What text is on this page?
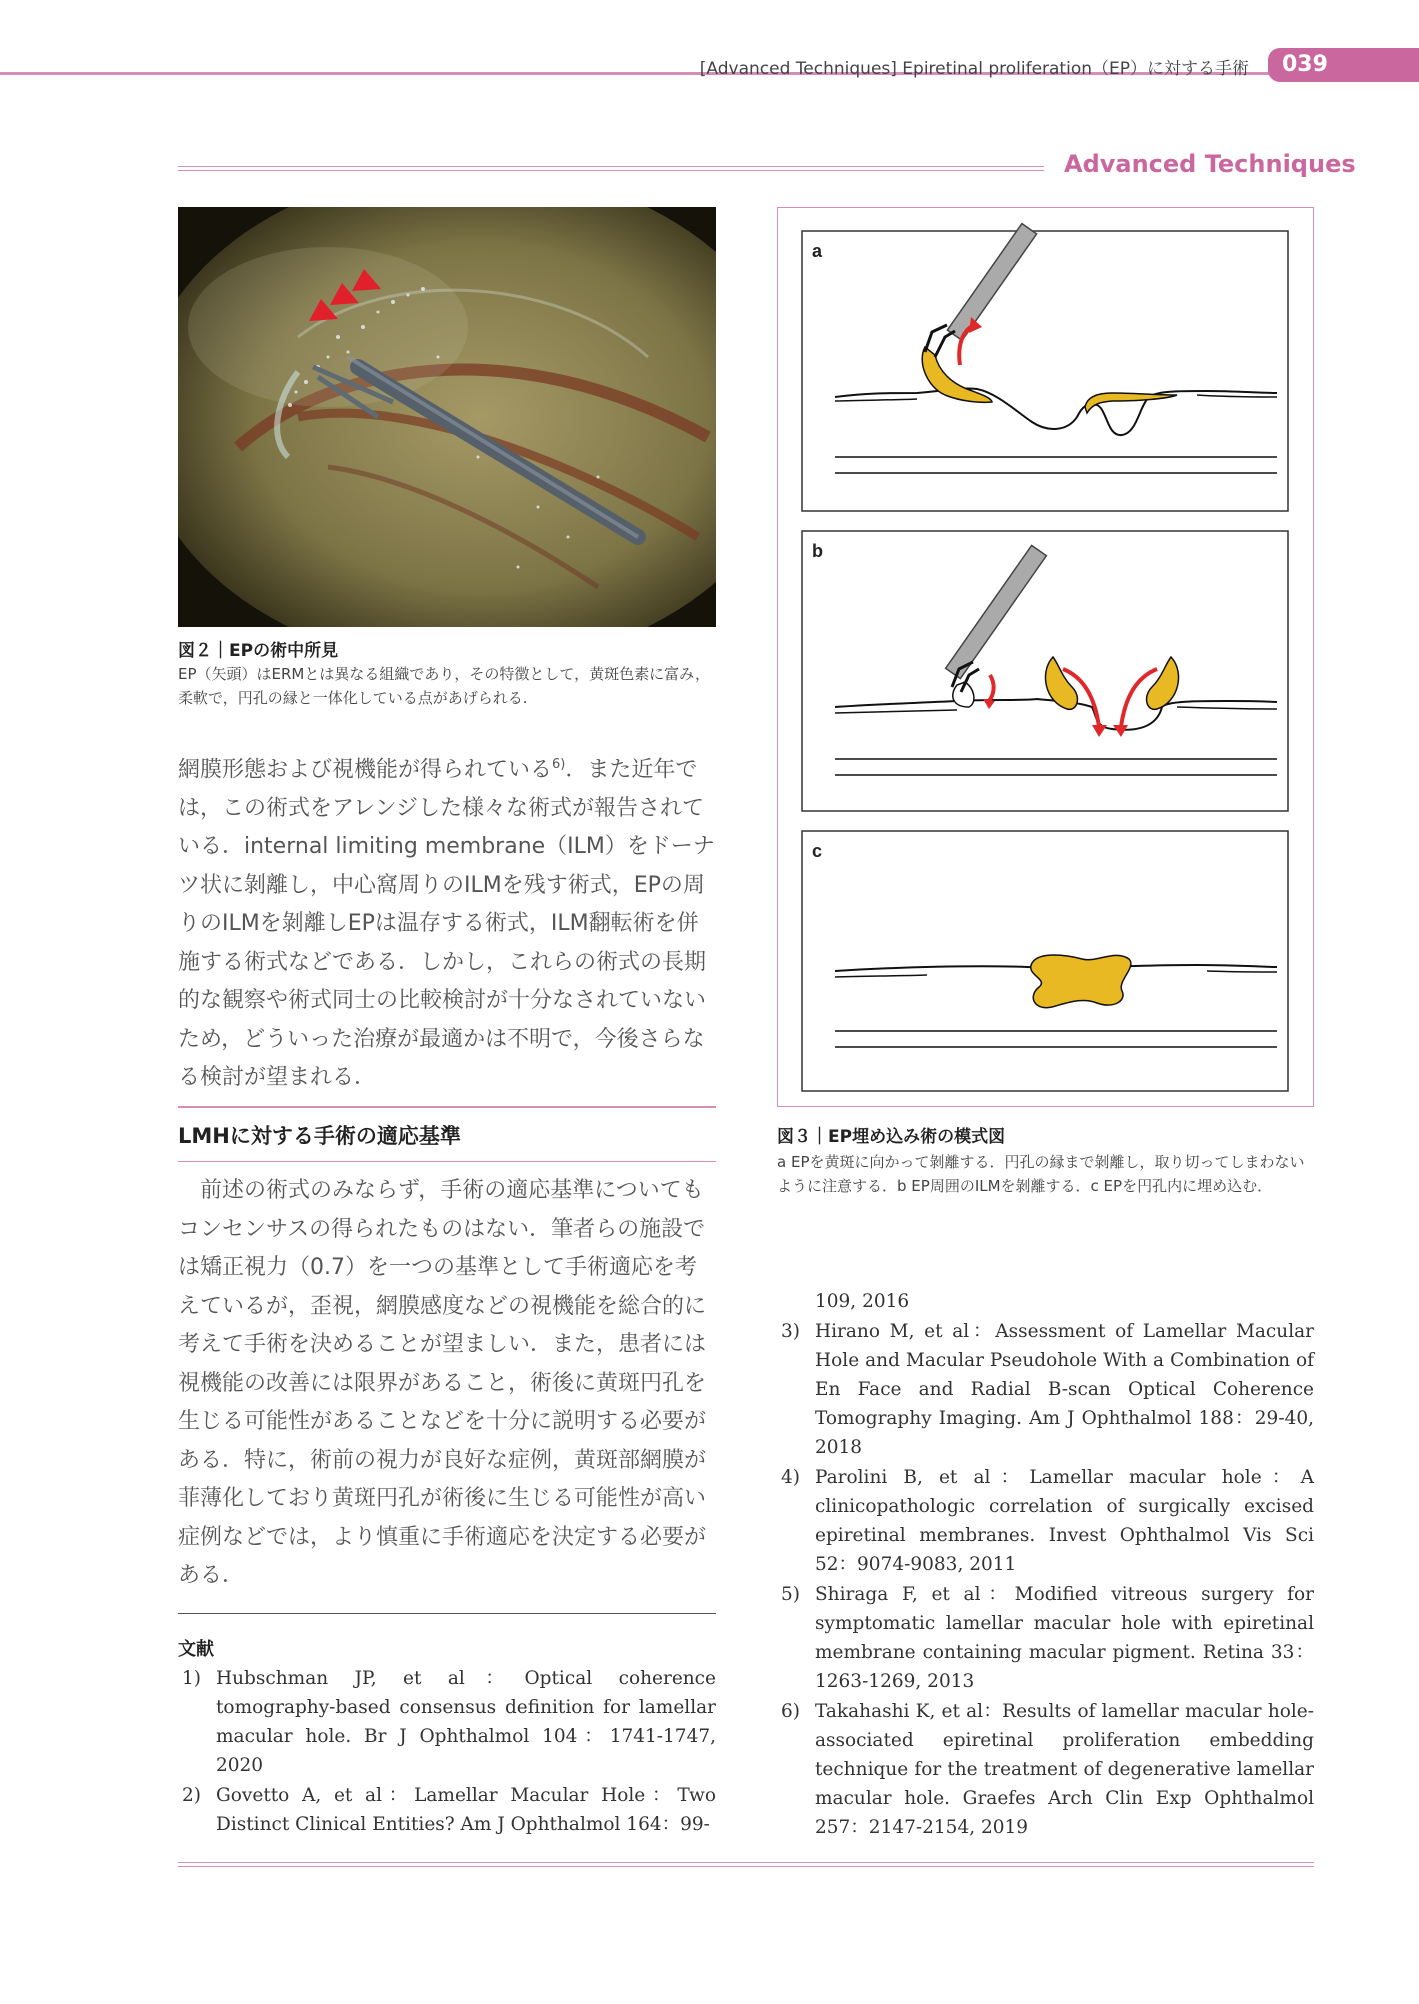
[Advanced Techniques] Epiretinal proliferation（EP）に対する手術	039
Advanced Techniques
図２｜EPの術中所見
EP（矢頭）はERMとは異なる組織であり，その特徴として，黄斑色素に富み，柔軟で，円孔の縁と一体化している点があげられる.

網膜形態および視機能が得られている$^{6)}$．また近年では，この術式をアレンジした様々な術式が報告されている．internal limiting membrane（ILM）をドーナツ状に剝離し，中心窩周りのILMを残す術式，EPの周りのILMを剝離しEPは温存する術式，ILM翻転術を併施する術式などである．しかし，これらの術式の長期的な観察や術式同士の比較検討が十分なされていないため，どういった治療が最適かは不明で，今後さらなる検討が望まれる．

LMHに対する手術の適応基準

前述の術式のみならず，手術の適応基準についてもコンセンサスの得られたものはない．筆者らの施設では矯正視力（0.7）を一つの基準として手術適応を考えているが，歪視，網膜感度などの視機能を総合的に考えて手術を決めることが望ましい．また，患者には視機能の改善には限界があること，術後に黄斑円孔を生じる可能性があることなどを十分に説明する必要がある．特に，術前の視力が良好な症例，黄斑部網膜が菲薄化しており黄斑円孔が術後に生じる可能性が高い症例などでは，より慎重に手術適応を決定する必要がある．

文献
1) Hubschman JP, et al：Optical coherence tomography-based consensus definition for lamellar macular hole. Br J Ophthalmol 104：1741-1747, 2020
2) Govetto A, et al：Lamellar Macular Hole：Two Distinct Clinical Entities? Am J Ophthalmol 164：99-
109, 2016
3) Hirano M, et al：Assessment of Lamellar Macular Hole and Macular Pseudohole With a Combination of En Face and Radial B-scan Optical Coherence Tomography Imaging. Am J Ophthalmol 188：29-40, 2018
4) Parolini B, et al：Lamellar macular hole：A clinicopathologic correlation of surgically excised epiretinal membranes. Invest Ophthalmol Vis Sci 52：9074-9083, 2011
5) Shiraga F, et al：Modified vitreous surgery for symptomatic lamellar macular hole with epiretinal membrane containing macular pigment. Retina 33：1263-1269, 2013
6) Takahashi K, et al：Results of lamellar macular hole-associated epiretinal proliferation embedding technique for the treatment of degenerative lamellar macular hole. Graefes Arch Clin Exp Ophthalmol 257：2147-2154, 2019
a
b
c
図３｜EP埋め込み術の模式図
a EPを黄斑に向かって剝離する．円孔の縁まで剝離し，取り切ってしまわないように注意する．b EP周囲のILMを剝離する．c EPを円孔内に埋め込む．
